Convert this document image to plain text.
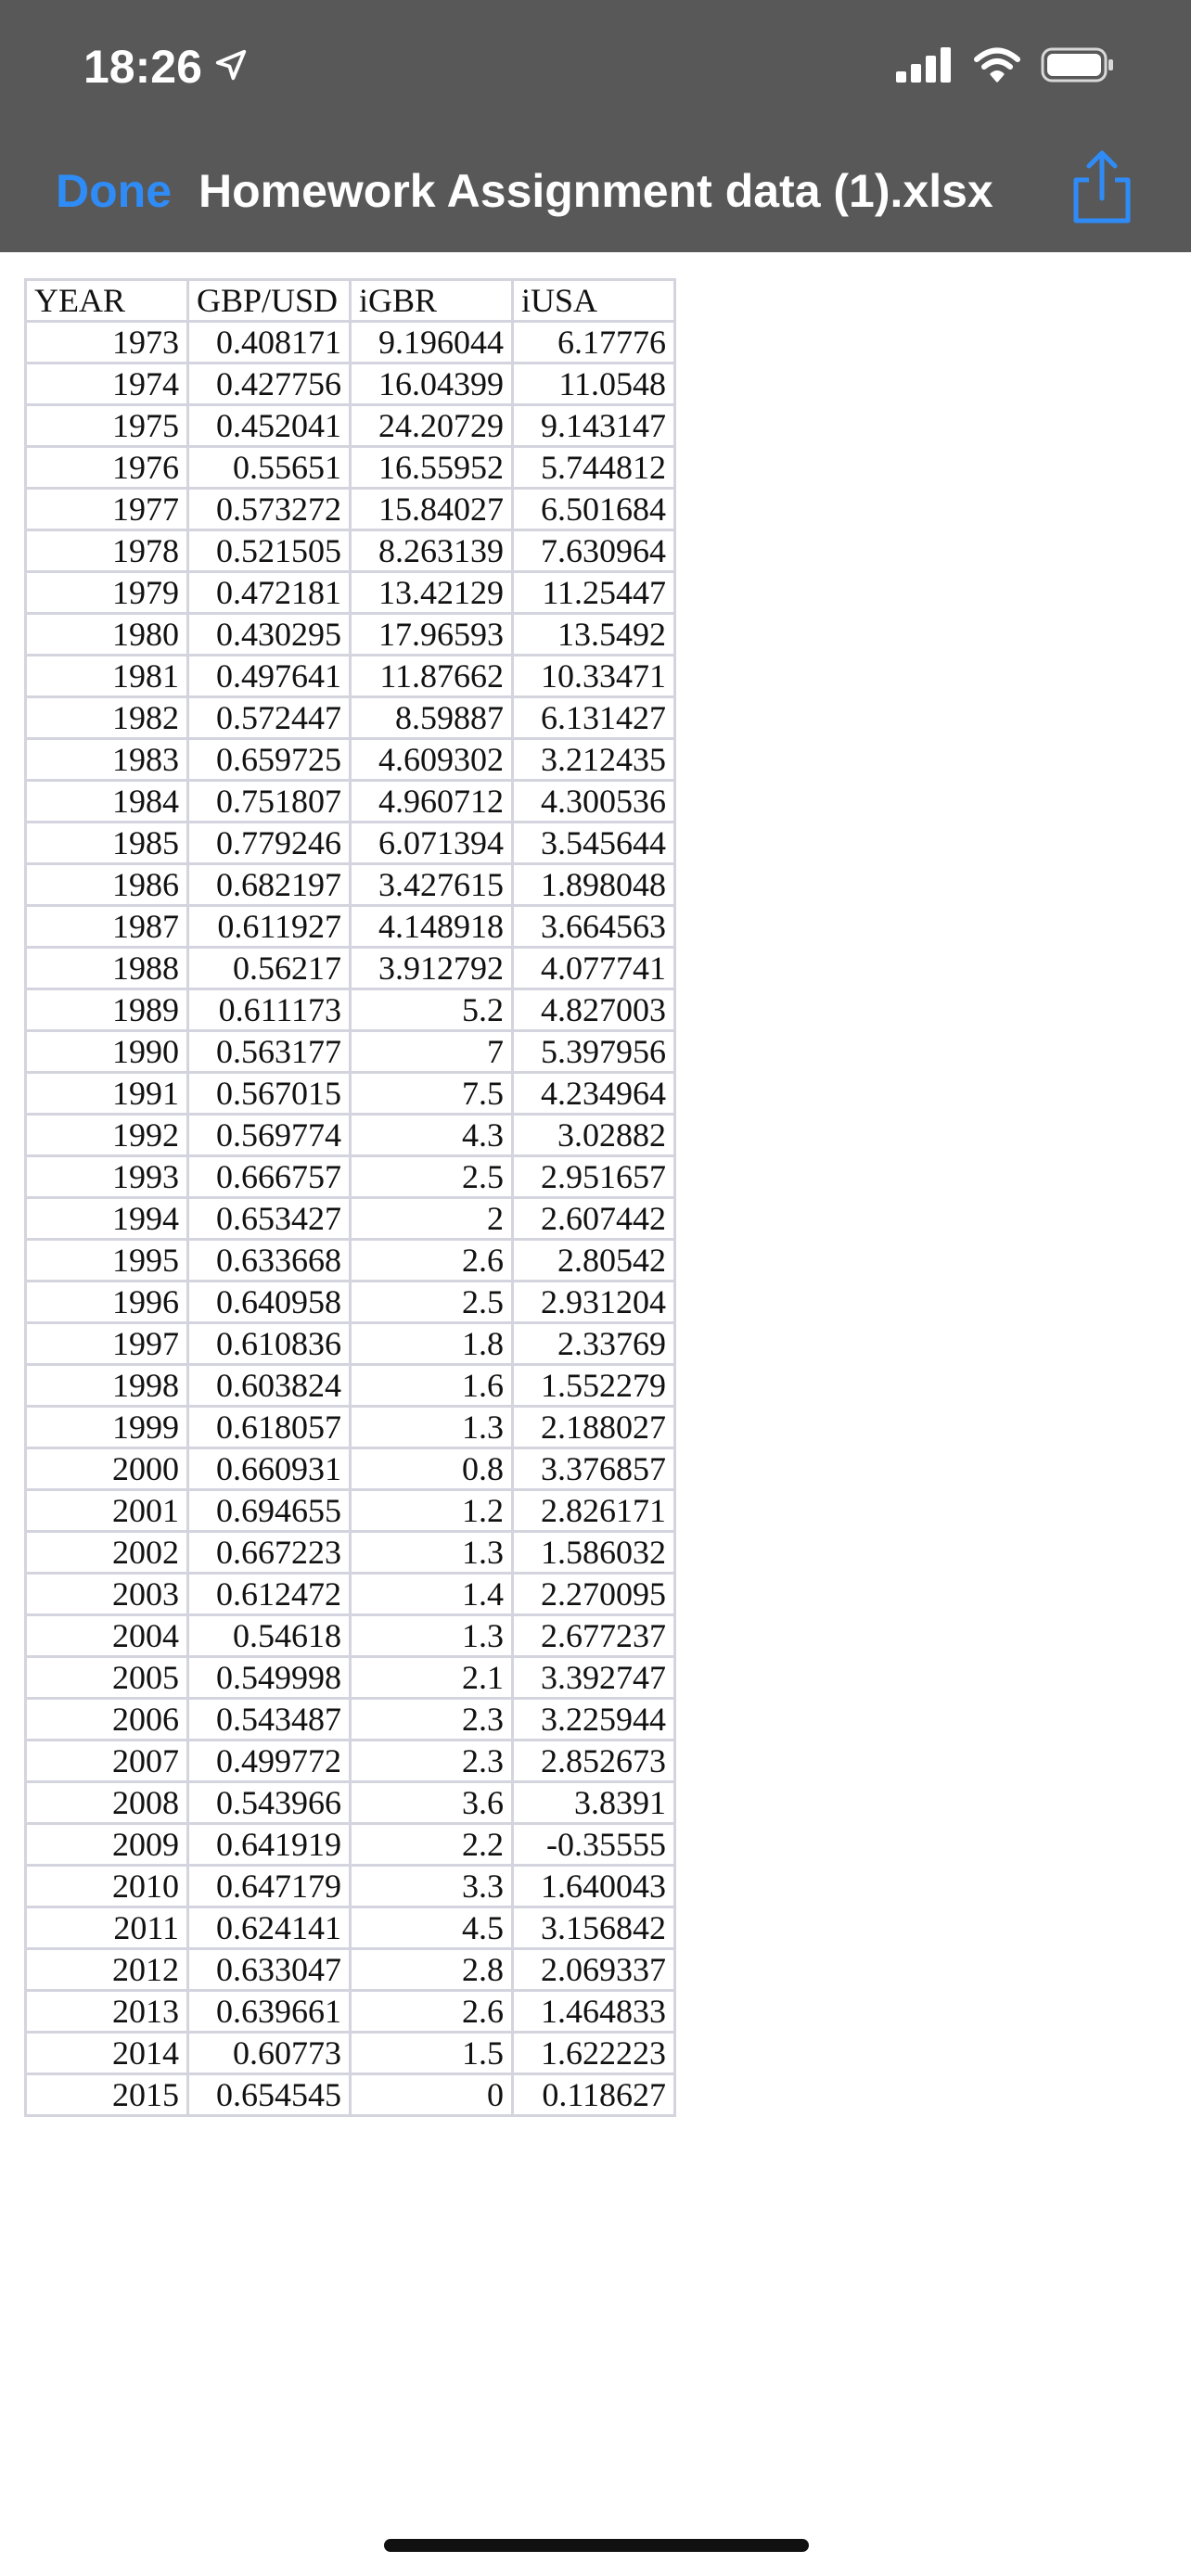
18:26
Done Homework Assignment data (1).xlsx
YEAR	GBP/USD	iGBR	iUSA
1973	0.408171	9.196044	6.17776
1974	0.427756	16.04399	11.0548
1975	0.452041	24.20729	9.143147
1976	0.55651	16.55952	5.744812
1977	0.573272	15.84027	6.501684
1978	0.521505	8.263139	7.630964
1979	0.472181	13.42129	11.25447
1980	0.430295	17.96593	13.5492
1981	0.497641	11.87662	10.33471
1982	0.572447	8.59887	6.131427
1983	0.659725	4.609302	3.212435
1984	0.751807	4.960712	4.300536
1985	0.779246	6.071394	3.545644
1986	0.682197	3.427615	1.898048
1987	0.611927	4.148918	3.664563
1988	0.56217	3.912792	4.077741
1989	0.611173	5.2	4.827003
1990	0.563177	7	5.397956
1991	0.567015	7.5	4.234964
1992	0.569774	4.3	3.02882
1993	0.666757	2.5	2.951657
1994	0.653427	2	2.607442
1995	0.633668	2.6	2.80542
1996	0.640958	2.5	2.931204
1997	0.610836	1.8	2.33769
1998	0.603824	1.6	1.552279
1999	0.618057	1.3	2.188027
2000	0.660931	0.8	3.376857
2001	0.694655	1.2	2.826171
2002	0.667223	1.3	1.586032
2003	0.612472	1.4	2.270095
2004	0.54618	1.3	2.677237
2005	0.549998	2.1	3.392747
2006	0.543487	2.3	3.225944
2007	0.499772	2.3	2.852673
2008	0.543966	3.6	3.8391
2009	0.641919	2.2	-0.35555
2010	0.647179	3.3	1.640043
2011	0.624141	4.5	3.156842
2012	0.633047	2.8	2.069337
2013	0.639661	2.6	1.464833
2014	0.60773	1.5	1.622223
2015	0.654545	0	0.118627
